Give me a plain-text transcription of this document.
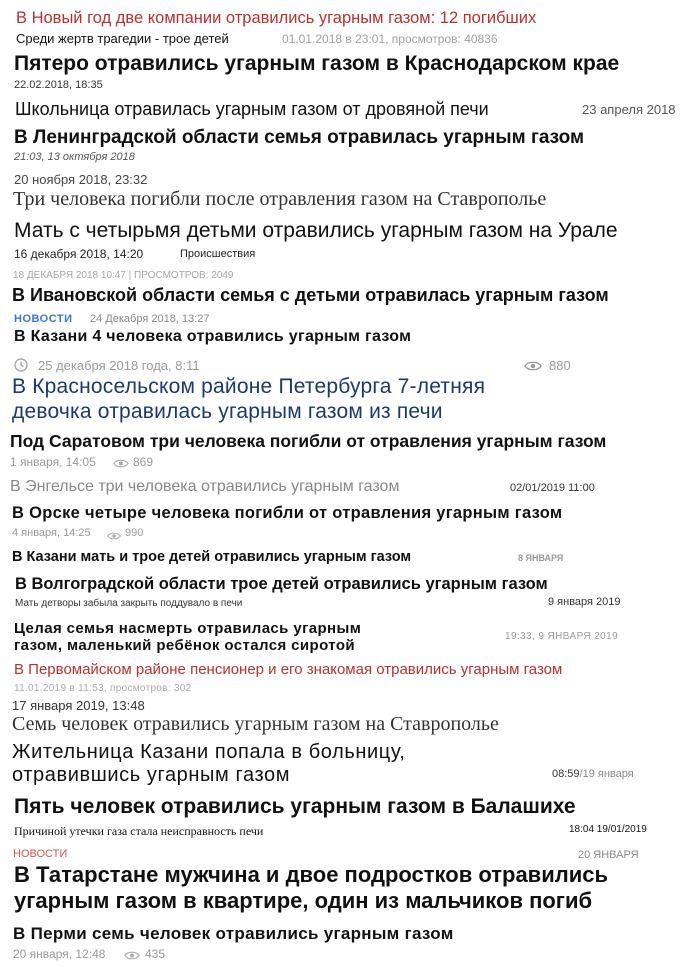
В Новый год две компании отравились угарным газом: 12 погибших
Среди жертв трагедии - трое детей	01.01.2018 в 23:01, просмотров: 40836
Пятеро отравились угарным газом в Краснодарском крае
22.02.2018, 18:35
Школьница отравилась угарным газом от дровяной печи	23 апреля 2018
В Ленинградской области семья отравилась угарным газом
21:03, 13 октября 2018
20 ноября 2018, 23:32
Три человека погибли после отравления газом на Ставрополье
Мать с четырьмя детьми отравились угарным газом на Урале
16 декабря 2018, 14:20	Происшествия
18 ДЕКАБРЯ 2018 10:47 | ПРОСМОТРОВ: 2049
В Ивановской области семья с детьми отравилась угарным газом
НОВОСТИ 24 Декабря 2018, 13:27
В Казани 4 человека отравились угарным газом
25 декабря 2018 года, 8:11	880
В Красносельском районе Петербурга 7-летняя
девочка отравилась угарным газом из печи
Под Саратовом три человека погибли от отравления угарным газом
1 января, 14:05	869
В Энгельсе три человека отравились угарным газом	02/01/2019 11:00
В Орске четыре человека погибли от отравления угарным газом
4 января, 14:25	990
В Казани мать и трое детей отравились угарным газом	8 ЯНВАРЯ
В Волгоградской области трое детей отравились угарным газом
Мать детворы забыла закрыть поддувало в печи	9 января 2019
Целая семья насмерть отравилась угарным
газом, маленький ребёнок остался сиротой
19:33, 9 ЯНВАРЯ 2019
В Первомайском районе пенсионер и его знакомая отравились угарным газом
11.01.2019 в 11:53, просмотров: 302
17 января 2019, 13:48
Семь человек отравились угарным газом на Ставрополье
Жительница Казани попала в больницу,
отравившись угарным газом	08:59/19 января
Пять человек отравились угарным газом в Балашихе
Причиной утечки газа стала неисправность печи	18:04 19/01/2019
НОВОСТИ	20 ЯНВАРЯ
В Татарстане мужчина и двое подростков отравились
угарным газом в квартире, один из мальчиков погиб
В Перми семь человек отравились угарным газом
20 января, 12:48	435
